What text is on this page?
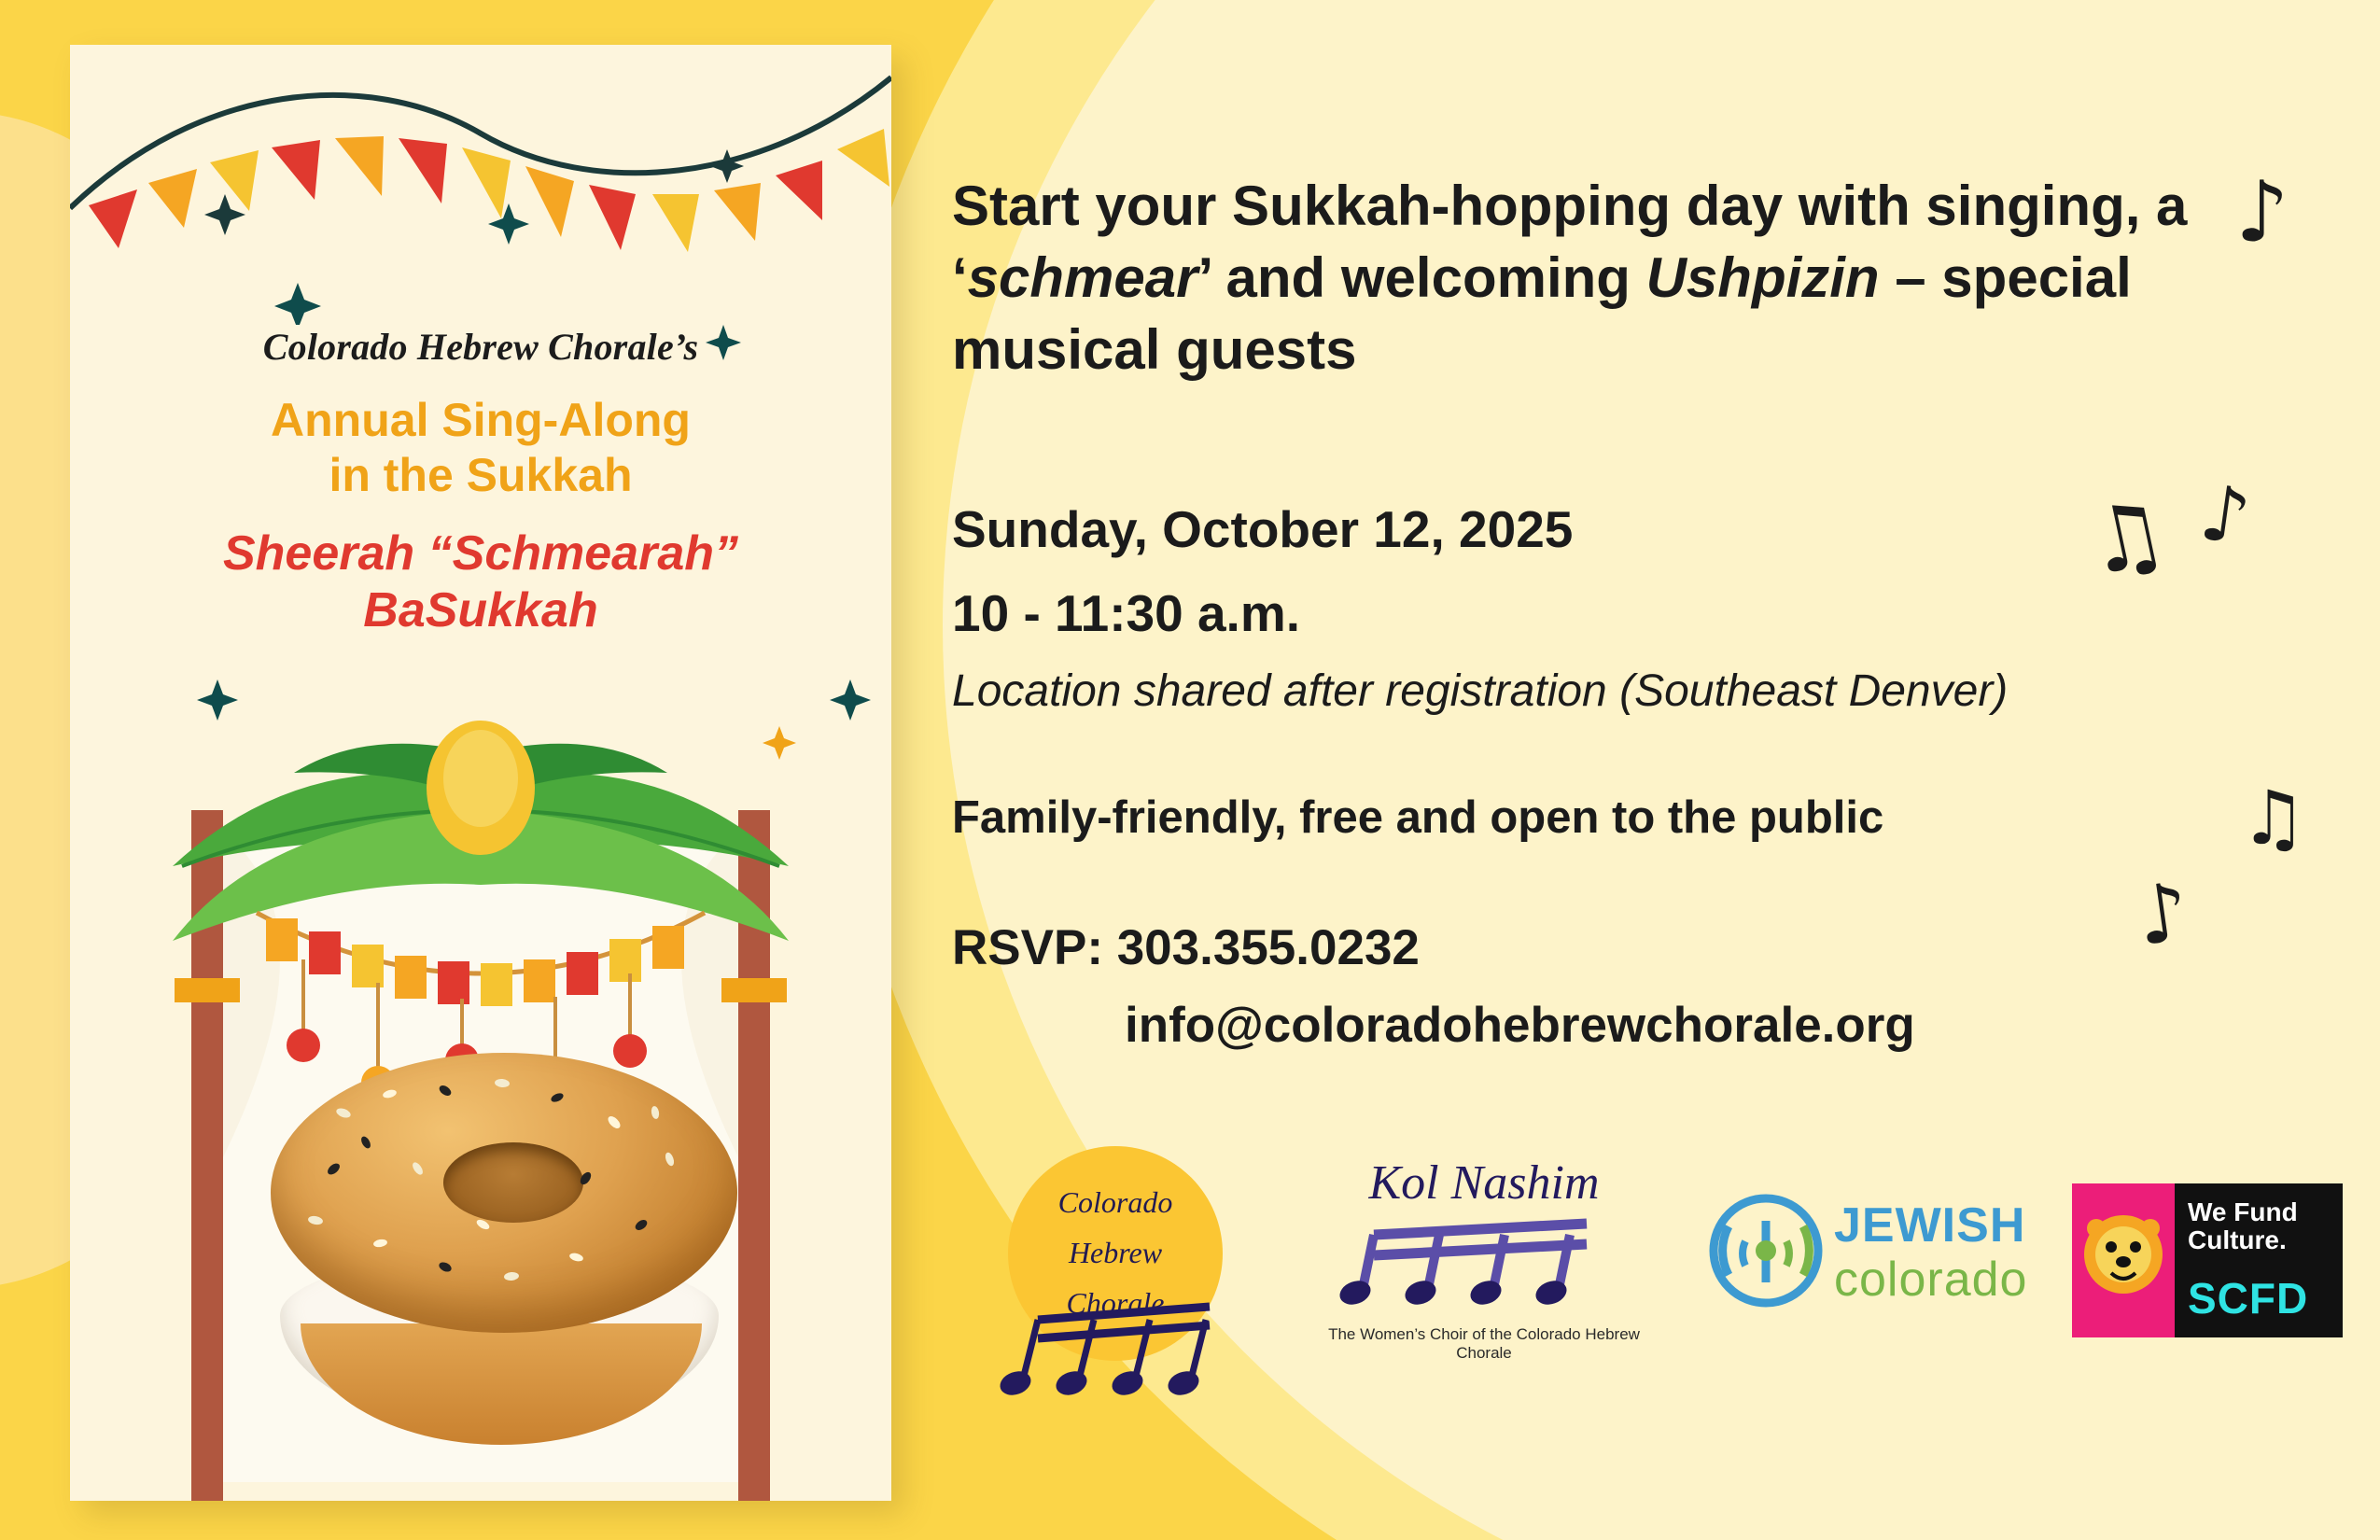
Colorado Hebrew Chorale’s
Annual Sing-Along
in the Sukkah
Sheerah “Schmearah”
BaSukkah
Start your Sukkah-hopping day with singing, a ‘schmear’ and welcoming Ushpizin – special musical guests
Sunday, October 12, 2025
10 - 11:30 a.m.
Location shared after registration (Southeast Denver)
Family-friendly, free and open to the public
RSVP: 303.355.0232
info@coloradohebrewchorale.org
♪
♫ ♪
♫
♪
Colorado
Hebrew
Chorale
Kol Nashim
The Women’s Choir of the Colorado Hebrew Chorale
JEWISH
colorado
We Fund
Culture.
SCFD
